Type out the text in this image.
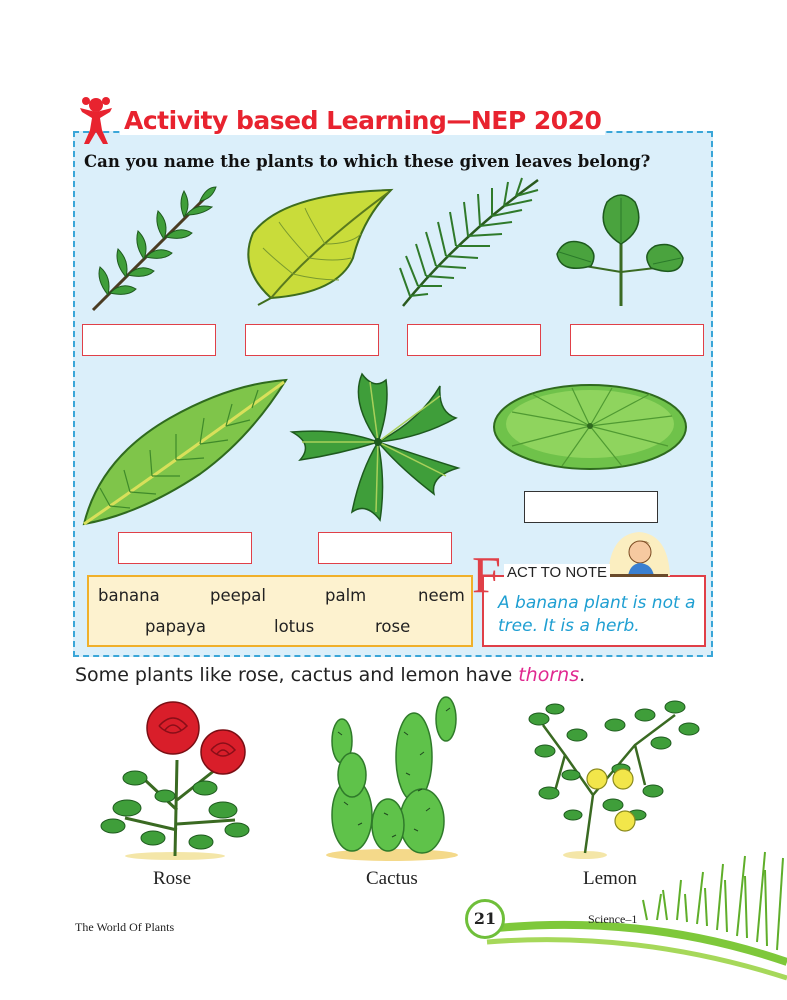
Activity based Learning—NEP 2020
Can you name the plants to which these given leaves belong?
banana	peepal	palm	neem
papaya	lotus	rose
F ACT TO NOTE
A banana plant is not a tree. It is a herb.
Some plants like rose, cactus and lemon have thorns.
Rose	Cactus	Lemon
The World Of Plants	21	Science–1
